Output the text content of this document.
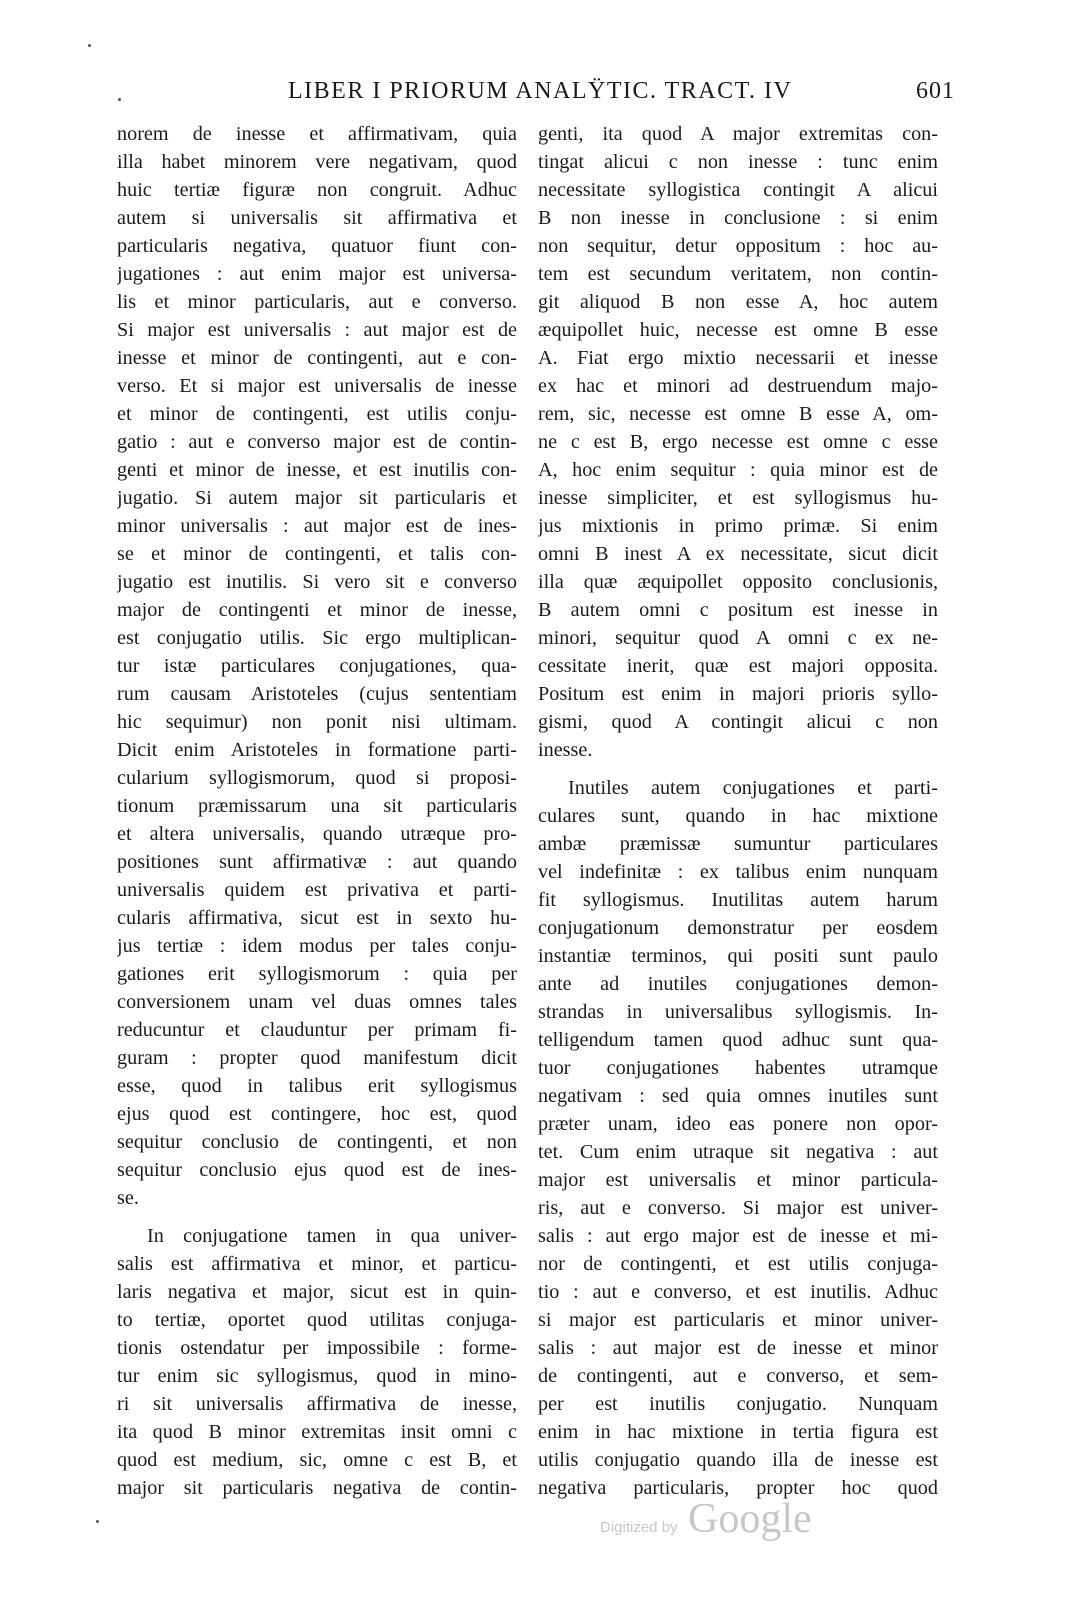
LIBER I PRIORUM ANALŸTIC. TRACT. IV	601
norem de inesse et affirmativam, quia
illa habet minorem vere negativam, quod
huic tertiæ figuræ non congruit. Adhuc
autem si universalis sit affirmativa et
particularis negativa, quatuor fiunt con-
jugationes : aut enim major est universa-
lis et minor particularis, aut e converso.
Si major est universalis : aut major est de
inesse et minor de contingenti, aut e con-
verso. Et si major est universalis de inesse
et minor de contingenti, est utilis conju-
gatio : aut e converso major est de contin-
genti et minor de inesse, et est inutilis con-
jugatio. Si autem major sit particularis et
minor universalis : aut major est de ines-
se et minor de contingenti, et talis con-
jugatio est inutilis. Si vero sit e converso
major de contingenti et minor de inesse,
est conjugatio utilis. Sic ergo multiplican-
tur istæ particulares conjugationes, qua-
rum causam Aristoteles (cujus sententiam
hic sequimur) non ponit nisi ultimam.
Dicit enim Aristoteles in formatione parti-
cularium syllogismorum, quod si proposi-
tionum præmissarum una sit particularis
et altera universalis, quando utræque pro-
positiones sunt affirmativæ : aut quando
universalis quidem est privativa et parti-
cularis affirmativa, sicut est in sexto hu-
jus tertiæ : idem modus per tales conju-
gationes erit syllogismorum : quia per
conversionem unam vel duas omnes tales
reducuntur et clauduntur per primam fi-
guram : propter quod manifestum dicit
esse, quod in talibus erit syllogismus
ejus quod est contingere, hoc est, quod
sequitur conclusio de contingenti, et non
sequitur conclusio ejus quod est de ines-
se.
In conjugatione tamen in qua univer-
salis est affirmativa et minor, et particu-
laris negativa et major, sicut est in quin-
to tertiæ, oportet quod utilitas conjuga-
tionis ostendatur per impossibile : forme-
tur enim sic syllogismus, quod in mino-
ri sit universalis affirmativa de inesse,
ita quod B minor extremitas insit omni c
quod est medium, sic, omne c est B, et
major sit particularis negativa de contin-
genti, ita quod A major extremitas con-
tingat alicui c non inesse : tunc enim
necessitate syllogistica contingit A alicui
B non inesse in conclusione : si enim
non sequitur, detur oppositum : hoc au-
tem est secundum veritatem, non contin-
git aliquod B non esse A, hoc autem
æquipollet huic, necesse est omne B esse
A. Fiat ergo mixtio necessarii et inesse
ex hac et minori ad destruendum majo-
rem, sic, necesse est omne B esse A, om-
ne c est B, ergo necesse est omne c esse
A, hoc enim sequitur : quia minor est de
inesse simpliciter, et est syllogismus hu-
jus mixtionis in primo primæ. Si enim
omni B inest A ex necessitate, sicut dicit
illa quæ æquipollet opposito conclusionis,
B autem omni c positum est inesse in
minori, sequitur quod A omni c ex ne-
cessitate inerit, quæ est majori opposita.
Positum est enim in majori prioris syllo-
gismi, quod A contingit alicui c non
inesse.
Inutiles autem conjugationes et parti-
culares sunt, quando in hac mixtione
ambæ præmissæ sumuntur particulares
vel indefinitæ : ex talibus enim nunquam
fit syllogismus. Inutilitas autem harum
conjugationum demonstratur per eosdem
instantiæ terminos, qui positi sunt paulo
ante ad inutiles conjugationes demon-
strandas in universalibus syllogismis. In-
telligendum tamen quod adhuc sunt qua-
tuor conjugationes habentes utramque
negativam : sed quia omnes inutiles sunt
præter unam, ideo eas ponere non opor-
tet. Cum enim utraque sit negativa : aut
major est universalis et minor particula-
ris, aut e converso. Si major est univer-
salis : aut ergo major est de inesse et mi-
nor de contingenti, et est utilis conjuga-
tio : aut e converso, et est inutilis. Adhuc
si major est particularis et minor univer-
salis : aut major est de inesse et minor
de contingenti, aut e converso, et sem-
per est inutilis conjugatio. Nunquam
enim in hac mixtione in tertia figura est
utilis conjugatio quando illa de inesse est
negativa particularis, propter hoc quod
Digitized by Google
